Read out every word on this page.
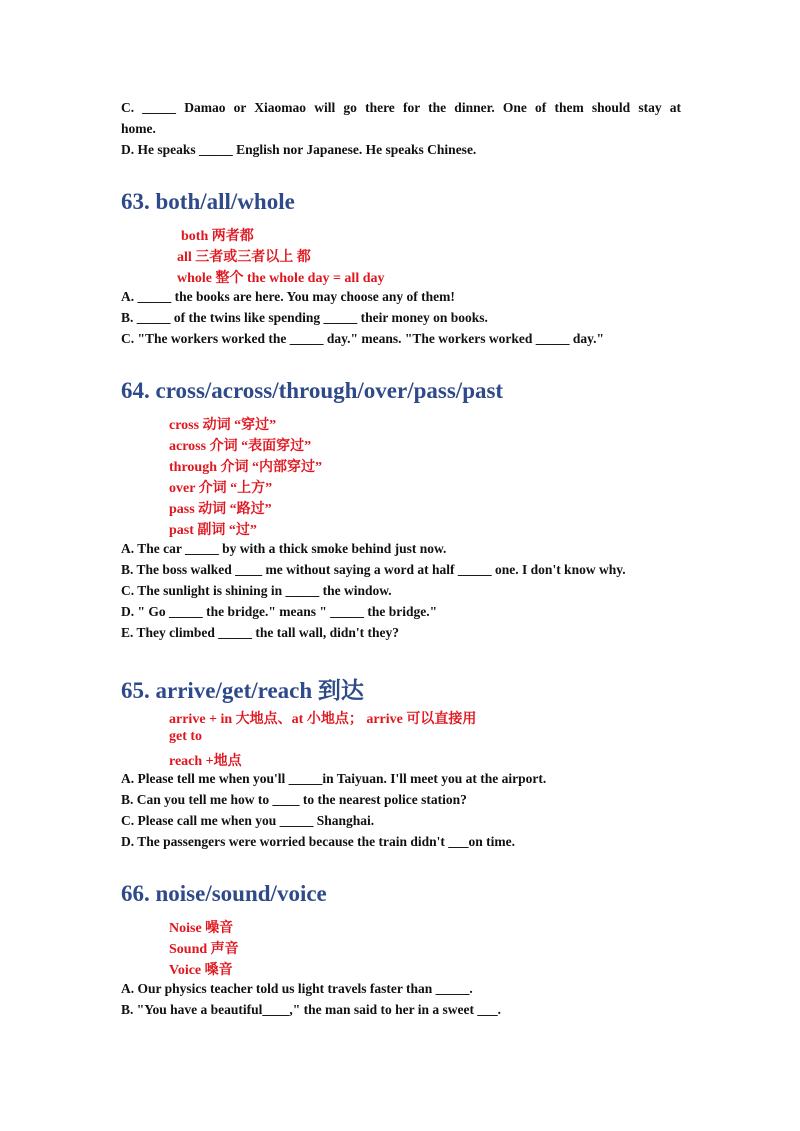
C. _____ Damao or Xiaomao will go there for the dinner. One of them should stay at
home.
D. He speaks _____ English nor Japanese. He speaks Chinese.
63. both/all/whole
both 两者都
all 三者或三者以上 都
whole 整个 the whole day = all day
A. _____ the books are here. You may choose any of them!
B. _____ of the twins like spending _____ their money on books.
C. "The workers worked the _____ day." means. "The workers worked _____ day."
64. cross/across/through/over/pass/past
cross 动词 “穿过”
across 介词 “表面穿过”
through 介词 “内部穿过”
over 介词 “上方”
pass 动词 “路过”
past 副词 “过”
A. The car _____ by with a thick smoke behind just now.
B. The boss walked ____ me without saying a word at half _____ one. I don't know why.
C. The sunlight is shining in _____ the window.
D. " Go _____ the bridge." means " _____ the bridge."
E. They climbed _____ the tall wall, didn't they?
65. arrive/get/reach 到达
arrive + in 大地点、at 小地点； arrive 可以直接用
get to
reach +地点
A. Please tell me when you'll _____in Taiyuan. I'll meet you at the airport.
B. Can you tell me how to ____ to the nearest police station?
C. Please call me when you _____ Shanghai.
D. The passengers were worried because the train didn't ___on time.
66. noise/sound/voice
Noise 噪音
Sound 声音
Voice 嗓音
A. Our physics teacher told us light travels faster than _____.
B. "You have a beautiful____," the man said to her in a sweet ___.
